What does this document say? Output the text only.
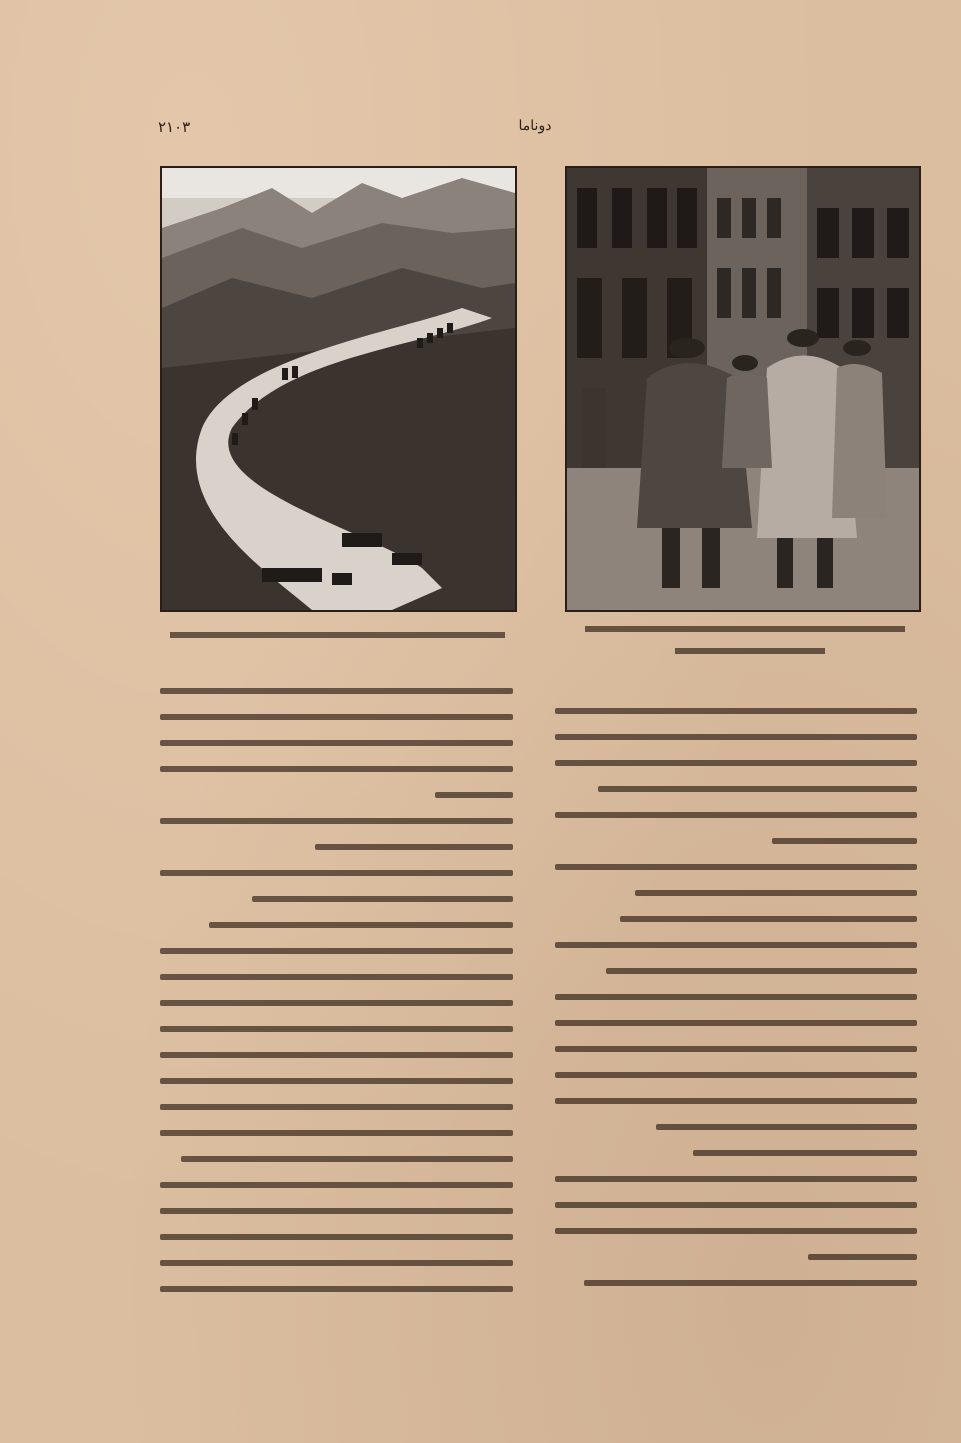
٢١٠٣	دوناما
